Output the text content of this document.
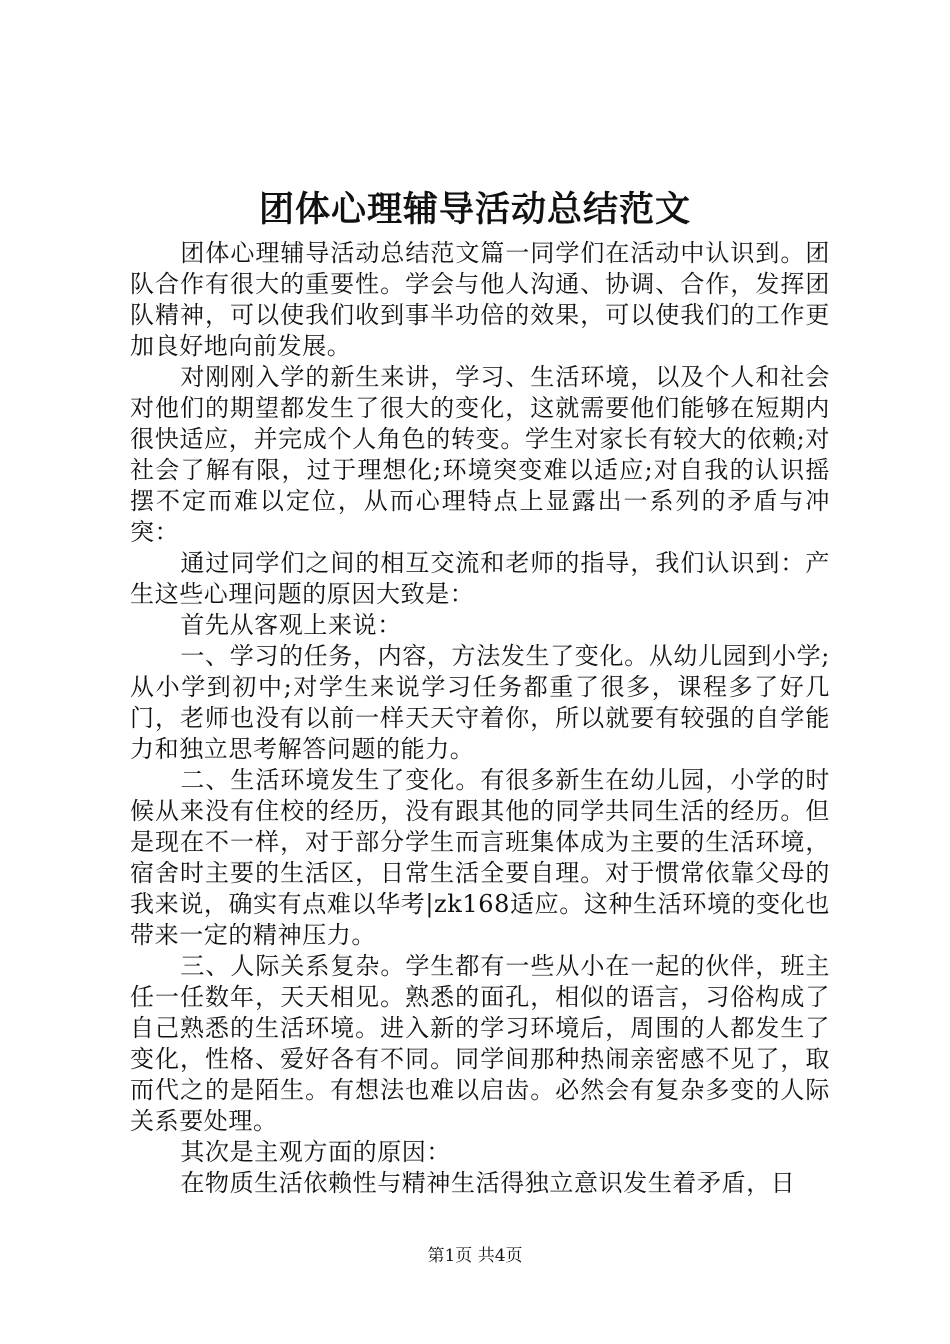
团体心理辅导活动总结范文

团体心理辅导活动总结范文篇一同学们在活动中认识到。团队合作有很大的重要性。学会与他人沟通、协调、合作，发挥团队精神，可以使我们收到事半功倍的效果，可以使我们的工作更加良好地向前发展。

对刚刚入学的新生来讲，学习、生活环境，以及个人和社会对他们的期望都发生了很大的变化，这就需要他们能够在短期内很快适应，并完成个人角色的转变。学生对家长有较大的依赖;对社会了解有限，过于理想化;环境突变难以适应;对自我的认识摇摆不定而难以定位，从而心理特点上显露出一系列的矛盾与冲突：

通过同学们之间的相互交流和老师的指导，我们认识到：产生这些心理问题的原因大致是：

首先从客观上来说：

一、学习的任务，内容，方法发生了变化。从幼儿园到小学;从小学到初中;对学生来说学习任务都重了很多，课程多了好几门，老师也没有以前一样天天守着你，所以就要有较强的自学能力和独立思考解答问题的能力。

二、生活环境发生了变化。有很多新生在幼儿园，小学的时候从来没有住校的经历，没有跟其他的同学共同生活的经历。但是现在不一样，对于部分学生而言班集体成为主要的生活环境，宿舍时主要的生活区，日常生活全要自理。对于惯常依靠父母的我来说，确实有点难以华考|zk168适应。这种生活环境的变化也带来一定的精神压力。

三、人际关系复杂。学生都有一些从小在一起的伙伴，班主任一任数年，天天相见。熟悉的面孔，相似的语言，习俗构成了自己熟悉的生活环境。进入新的学习环境后，周围的人都发生了变化，性格、爱好各有不同。同学间那种热闹亲密感不见了，取而代之的是陌生。有想法也难以启齿。必然会有复杂多变的人际关系要处理。

其次是主观方面的原因：

在物质生活依赖性与精神生活得独立意识发生着矛盾，日

第1页 共4页
